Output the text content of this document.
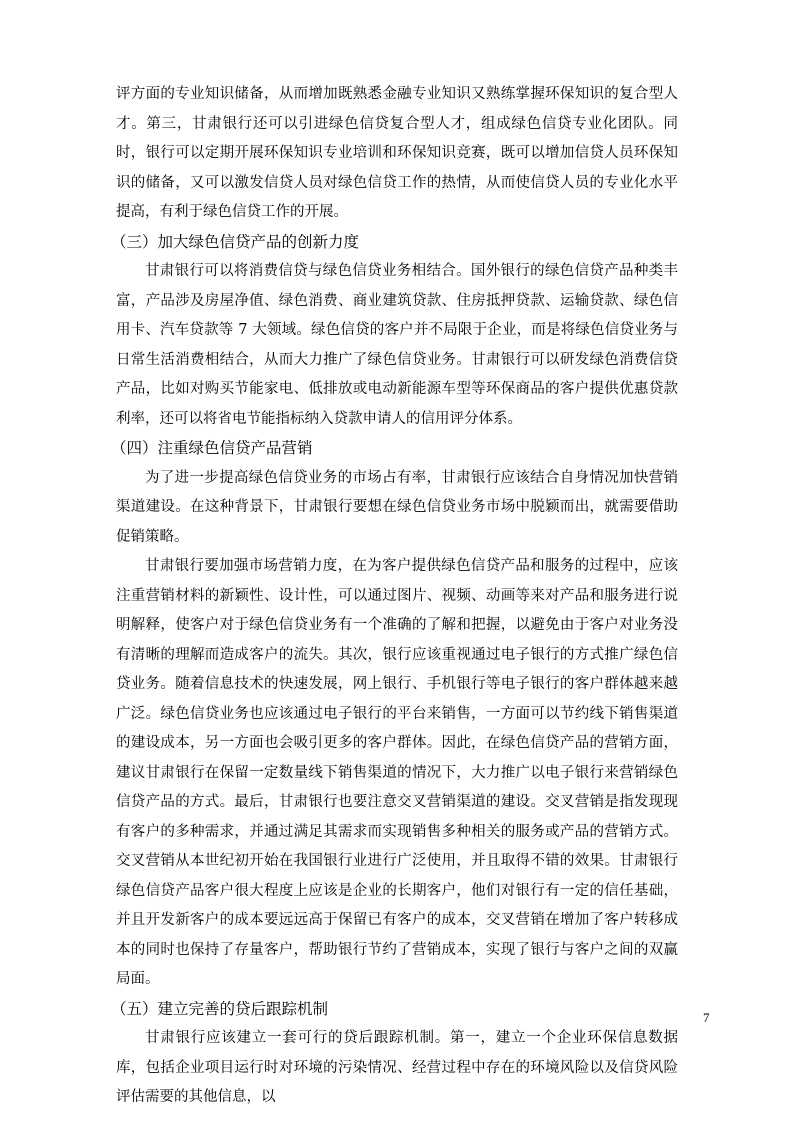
评方面的专业知识储备，从而增加既熟悉金融专业知识又熟练掌握环保知识的复合型人才。第三，甘肃银行还可以引进绿色信贷复合型人才，组成绿色信贷专业化团队。同时，银行可以定期开展环保知识专业培训和环保知识竞赛，既可以增加信贷人员环保知识的储备，又可以激发信贷人员对绿色信贷工作的热情，从而使信贷人员的专业化水平提高，有利于绿色信贷工作的开展。

（三）加大绿色信贷产品的创新力度

甘肃银行可以将消费信贷与绿色信贷业务相结合。国外银行的绿色信贷产品种类丰富，产品涉及房屋净值、绿色消费、商业建筑贷款、住房抵押贷款、运输贷款、绿色信用卡、汽车贷款等 7 大领域。绿色信贷的客户并不局限于企业，而是将绿色信贷业务与日常生活消费相结合，从而大力推广了绿色信贷业务。甘肃银行可以研发绿色消费信贷产品，比如对购买节能家电、低排放或电动新能源车型等环保商品的客户提供优惠贷款利率，还可以将省电节能指标纳入贷款申请人的信用评分体系。

（四）注重绿色信贷产品营销

为了进一步提高绿色信贷业务的市场占有率，甘肃银行应该结合自身情况加快营销渠道建设。在这种背景下，甘肃银行要想在绿色信贷业务市场中脱颖而出，就需要借助促销策略。

甘肃银行要加强市场营销力度，在为客户提供绿色信贷产品和服务的过程中，应该注重营销材料的新颖性、设计性，可以通过图片、视频、动画等来对产品和服务进行说明解释，使客户对于绿色信贷业务有一个准确的了解和把握，以避免由于客户对业务没有清晰的理解而造成客户的流失。其次，银行应该重视通过电子银行的方式推广绿色信贷业务。随着信息技术的快速发展，网上银行、手机银行等电子银行的客户群体越来越广泛。绿色信贷业务也应该通过电子银行的平台来销售，一方面可以节约线下销售渠道的建设成本，另一方面也会吸引更多的客户群体。因此，在绿色信贷产品的营销方面，建议甘肃银行在保留一定数量线下销售渠道的情况下，大力推广以电子银行来营销绿色信贷产品的方式。最后，甘肃银行也要注意交叉营销渠道的建设。交叉营销是指发现现有客户的多种需求，并通过满足其需求而实现销售多种相关的服务或产品的营销方式。交叉营销从本世纪初开始在我国银行业进行广泛使用，并且取得不错的效果。甘肃银行绿色信贷产品客户很大程度上应该是企业的长期客户，他们对银行有一定的信任基础，并且开发新客户的成本要远远高于保留已有客户的成本，交叉营销在增加了客户转移成本的同时也保持了存量客户，帮助银行节约了营销成本，实现了银行与客户之间的双赢局面。

（五）建立完善的贷后跟踪机制

甘肃银行应该建立一套可行的贷后跟踪机制。第一，建立一个企业环保信息数据库，包括企业项目运行时对环境的污染情况、经营过程中存在的环境风险以及信贷风险评估需要的其他信息，以

7
